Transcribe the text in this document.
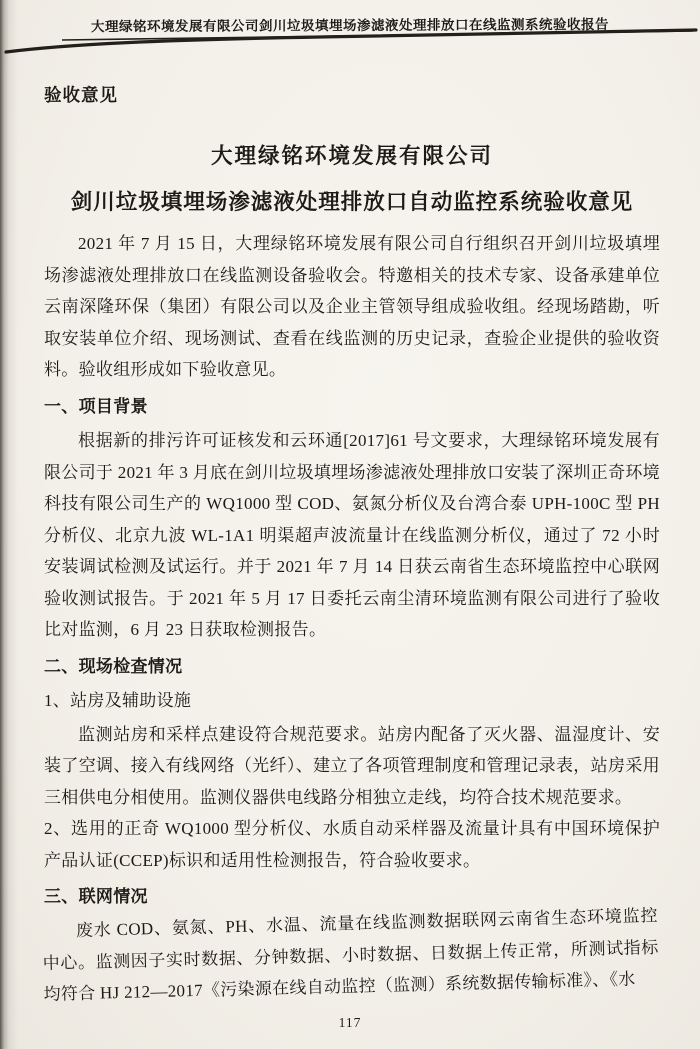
大理绿铭环境发展有限公司剑川垃圾填埋场渗滤液处理排放口在线监测系统验收报告
验收意见
大理绿铭环境发展有限公司
剑川垃圾填埋场渗滤液处理排放口自动监控系统验收意见

2021 年 7 月 15 日，大理绿铭环境发展有限公司自行组织召开剑川垃圾填埋场渗滤液处理排放口在线监测设备验收会。特邀相关的技术专家、设备承建单位云南深隆环保（集团）有限公司以及企业主管领导组成验收组。经现场踏勘，听取安装单位介绍、现场测试、查看在线监测的历史记录，查验企业提供的验收资料。验收组形成如下验收意见。

一、项目背景

根据新的排污许可证核发和云环通[2017]61 号文要求，大理绿铭环境发展有限公司于 2021 年 3 月底在剑川垃圾填埋场渗滤液处理排放口安装了深圳正奇环境科技有限公司生产的 WQ1000 型 COD、氨氮分析仪及台湾合泰 UPH-100C 型 PH 分析仪、北京九波 WL-1A1 明渠超声波流量计在线监测分析仪，通过了 72 小时安装调试检测及试运行。并于 2021 年 7 月 14 日获云南省生态环境监控中心联网验收测试报告。于 2021 年 5 月 17 日委托云南尘清环境监测有限公司进行了验收比对监测，6 月 23 日获取检测报告。

二、现场检查情况

1、站房及辅助设施

监测站房和采样点建设符合规范要求。站房内配备了灭火器、温湿度计、安装了空调、接入有线网络（光纤）、建立了各项管理制度和管理记录表，站房采用三相供电分相使用。监测仪器供电线路分相独立走线，均符合技术规范要求。

2、选用的正奇 WQ1000 型分析仪、水质自动采样器及流量计具有中国环境保护产品认证(CCEP)标识和适用性检测报告，符合验收要求。

三、联网情况

废水 COD、氨氮、PH、水温、流量在线监测数据联网云南省生态环境监控中心。监测因子实时数据、分钟数据、小时数据、日数据上传正常，所测试指标均符合 HJ 212—2017《污染源在线自动监控（监测）系统数据传输标准》、《水

117
